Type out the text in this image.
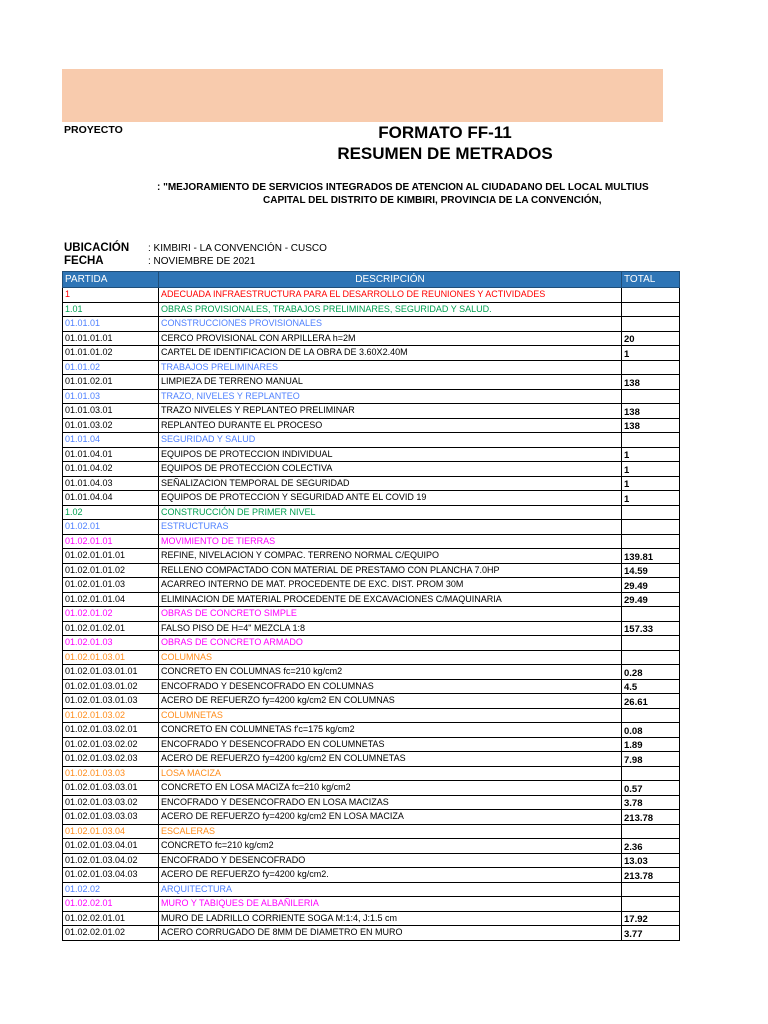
PROYECTO	FORMATO FF-11
RESUMEN DE METRADOS
: "MEJORAMIENTO DE SERVICIOS INTEGRADOS DE ATENCIÓN AL CIUDADANO DEL LOCAL MULTIUS
CAPITAL DEL DISTRITO DE KIMBIRI, PROVINCIA DE LA CONVENCIÓN,
UBICACIÓN : KIMBIRI - LA CONVENCIÓN - CUSCO
FECHA	: NOVIEMBRE DE 2021
PARTIDA	DESCRIPCIÓN	TOTAL
1	ADECUADA INFRAESTRUCTURA PARA EL DESARROLLO DE REUNIONES Y ACTIVIDADES	
1.01	OBRAS PROVISIONALES, TRABAJOS PRELIMINARES, SEGURIDAD Y SALUD.	
01.01.01	CONSTRUCCIONES PROVISIONALES	
01.01.01.01	CERCO PROVISIONAL CON ARPILLERA h=2M	20
01.01.01.02	CARTEL DE IDENTIFICACION DE LA OBRA DE 3.60X2.40M	1
01.01.02	TRABAJOS PRELIMINARES	
01.01.02.01	LIMPIEZA DE TERRENO MANUAL	138
01.01.03	TRAZO, NIVELES Y REPLANTEO	
01.01.03.01	TRAZO NIVELES Y REPLANTEO PRELIMINAR	138
01.01.03.02	REPLANTEO DURANTE EL PROCESO	138
01.01.04	SEGURIDAD Y SALUD	
01.01.04.01	EQUIPOS DE PROTECCION INDIVIDUAL	1
01.01.04.02	EQUIPOS DE PROTECCION COLECTIVA	1
01.01.04.03	SEÑALIZACION TEMPORAL DE SEGURIDAD	1
01.01.04.04	EQUIPOS DE PROTECCION Y SEGURIDAD ANTE EL COVID 19	1
1.02	CONSTRUCCIÓN DE PRIMER NIVEL	
01.02.01	ESTRUCTURAS	
01.02.01.01	MOVIMIENTO DE TIERRAS	
01.02.01.01.01	REFINE, NIVELACION Y COMPAC. TERRENO NORMAL C/EQUIPO	139.81
01.02.01.01.02	RELLENO COMPACTADO CON MATERIAL DE PRESTAMO CON PLANCHA 7.0HP	14.59
01.02.01.01.03	ACARREO INTERNO DE MAT. PROCEDENTE DE EXC. DIST. PROM 30M	29.49
01.02.01.01.04	ELIMINACION DE MATERIAL PROCEDENTE DE EXCAVACIONES C/MAQUINARIA	29.49
01.02.01.02	OBRAS DE CONCRETO SIMPLE	
01.02.01.02.01	FALSO PISO DE H=4" MEZCLA 1:8	157.33
01.02.01.03	OBRAS DE CONCRETO ARMADO	
01.02.01.03.01	COLUMNAS	
01.02.01.03.01.01	CONCRETO EN COLUMNAS fc=210 kg/cm2	0.28
01.02.01.03.01.02	ENCOFRADO Y DESENCOFRADO EN COLUMNAS	4.5
01.02.01.03.01.03	ACERO DE REFUERZO fy=4200 kg/cm2 EN COLUMNAS	26.61
01.02.01.03.02	COLUMNETAS	
01.02.01.03.02.01	CONCRETO EN COLUMNETAS f'c=175 kg/cm2	0.08
01.02.01.03.02.02	ENCOFRADO Y DESENCOFRADO EN COLUMNETAS	1.89
01.02.01.03.02.03	ACERO DE REFUERZO fy=4200 kg/cm2 EN COLUMNETAS	7.98
01.02.01.03.03	LOSA MACIZA	
01.02.01.03.03.01	CONCRETO EN LOSA MACIZA fc=210 kg/cm2	0.57
01.02.01.03.03.02	ENCOFRADO Y DESENCOFRADO EN LOSA MACIZAS	3.78
01.02.01.03.03.03	ACERO DE REFUERZO fy=4200 kg/cm2 EN LOSA MACIZA	213.78
01.02.01.03.04	ESCALERAS	
01.02.01.03.04.01	CONCRETO fc=210 kg/cm2	2.36
01.02.01.03.04.02	ENCOFRADO Y DESENCOFRADO	13.03
01.02.01.03.04.03	ACERO DE REFUERZO fy=4200 kg/cm2.	213.78
01.02.02	ARQUITECTURA	
01.02.02.01	MURO Y TABIQUES DE ALBAÑILERIA	
01.02.02.01.01	MURO DE LADRILLO CORRIENTE SOGA M:1:4, J:1.5 cm	17.92
01.02.02.01.02	ACERO CORRUGADO DE 8MM DE DIAMETRO EN MURO	3.77
